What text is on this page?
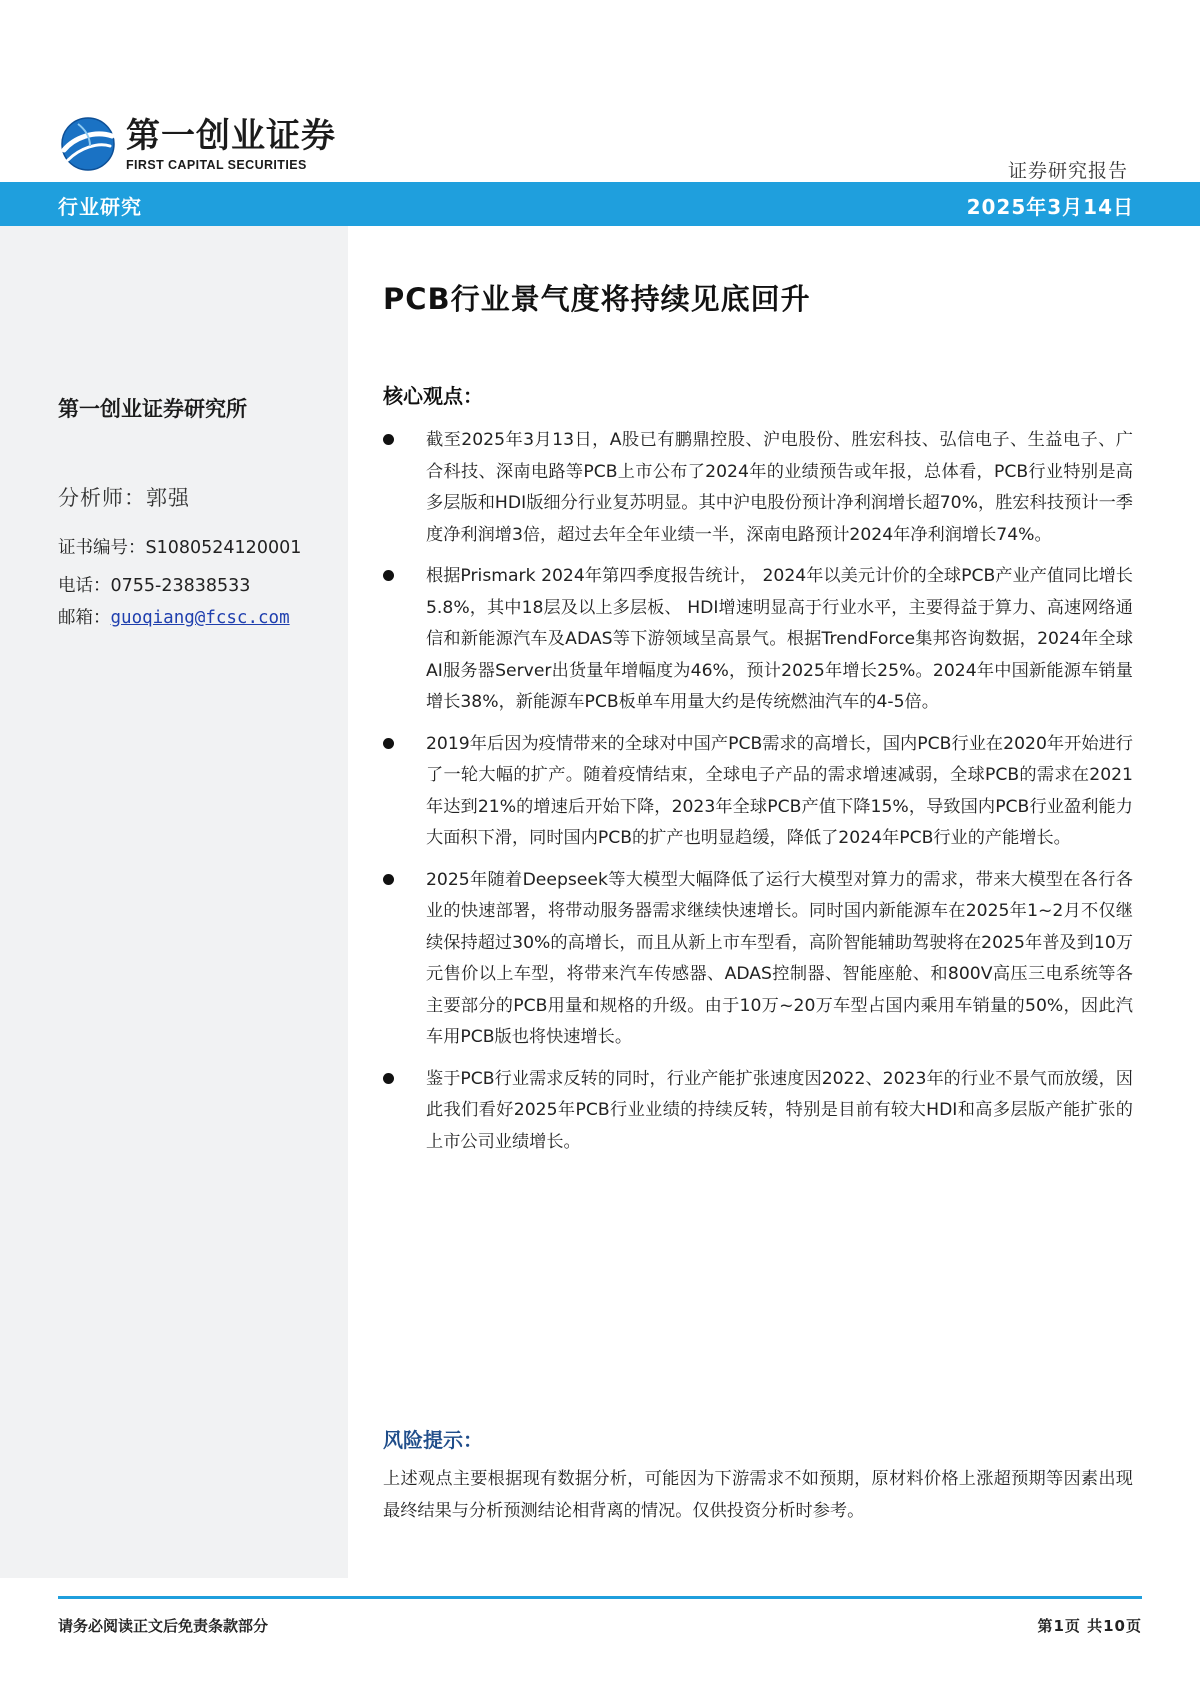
第一创业证券
FIRST CAPITAL SECURITIES	证券研究报告
行业研究	2025年3月14日
第一创业证券研究所
分析师：郭强
证书编号：S1080524120001
电话：0755-23838533
邮箱：guoqiang@fcsc.com
PCB行业景气度将持续见底回升
核心观点：
截至2025年3月13日，A股已有鹏鼎控股、沪电股份、胜宏科技、弘信电子、生益电子、广合科技、深南电路等PCB上市公布了2024年的业绩预告或年报，总体看，PCB行业特别是高多层版和HDI版细分行业复苏明显。其中沪电股份预计净利润增长超70%，胜宏科技预计一季度净利润增3倍，超过去年全年业绩一半，深南电路预计2024年净利润增长74%。
根据Prismark 2024年第四季度报告统计， 2024年以美元计价的全球PCB产业产值同比增长5.8%，其中18层及以上多层板、 HDI增速明显高于行业水平，主要得益于算力、高速网络通信和新能源汽车及ADAS等下游领域呈高景气。根据TrendForce集邦咨询数据，2024年全球AI服务器Server出货量年增幅度为46%，预计2025年增长25%。2024年中国新能源车销量增长38%，新能源车PCB板单车用量大约是传统燃油汽车的4-5倍。
2019年后因为疫情带来的全球对中国产PCB需求的高增长，国内PCB行业在2020年开始进行了一轮大幅的扩产。随着疫情结束，全球电子产品的需求增速减弱，全球PCB的需求在2021年达到21%的增速后开始下降，2023年全球PCB产值下降15%，导致国内PCB行业盈利能力大面积下滑，同时国内PCB的扩产也明显趋缓，降低了2024年PCB行业的产能增长。
2025年随着Deepseek等大模型大幅降低了运行大模型对算力的需求，带来大模型在各行各业的快速部署，将带动服务器需求继续快速增长。同时国内新能源车在2025年1~2月不仅继续保持超过30%的高增长，而且从新上市车型看，高阶智能辅助驾驶将在2025年普及到10万元售价以上车型，将带来汽车传感器、ADAS控制器、智能座舱、和800V高压三电系统等各主要部分的PCB用量和规格的升级。由于10万~20万车型占国内乘用车销量的50%，因此汽车用PCB版也将快速增长。
鉴于PCB行业需求反转的同时，行业产能扩张速度因2022、2023年的行业不景气而放缓，因此我们看好2025年PCB行业业绩的持续反转，特别是目前有较大HDI和高多层版产能扩张的上市公司业绩增长。
风险提示：

上述观点主要根据现有数据分析，可能因为下游需求不如预期，原材料价格上涨超预期等因素出现最终结果与分析预测结论相背离的情况。仅供投资分析时参考。

请务必阅读正文后免责条款部分	第1页 共10页
